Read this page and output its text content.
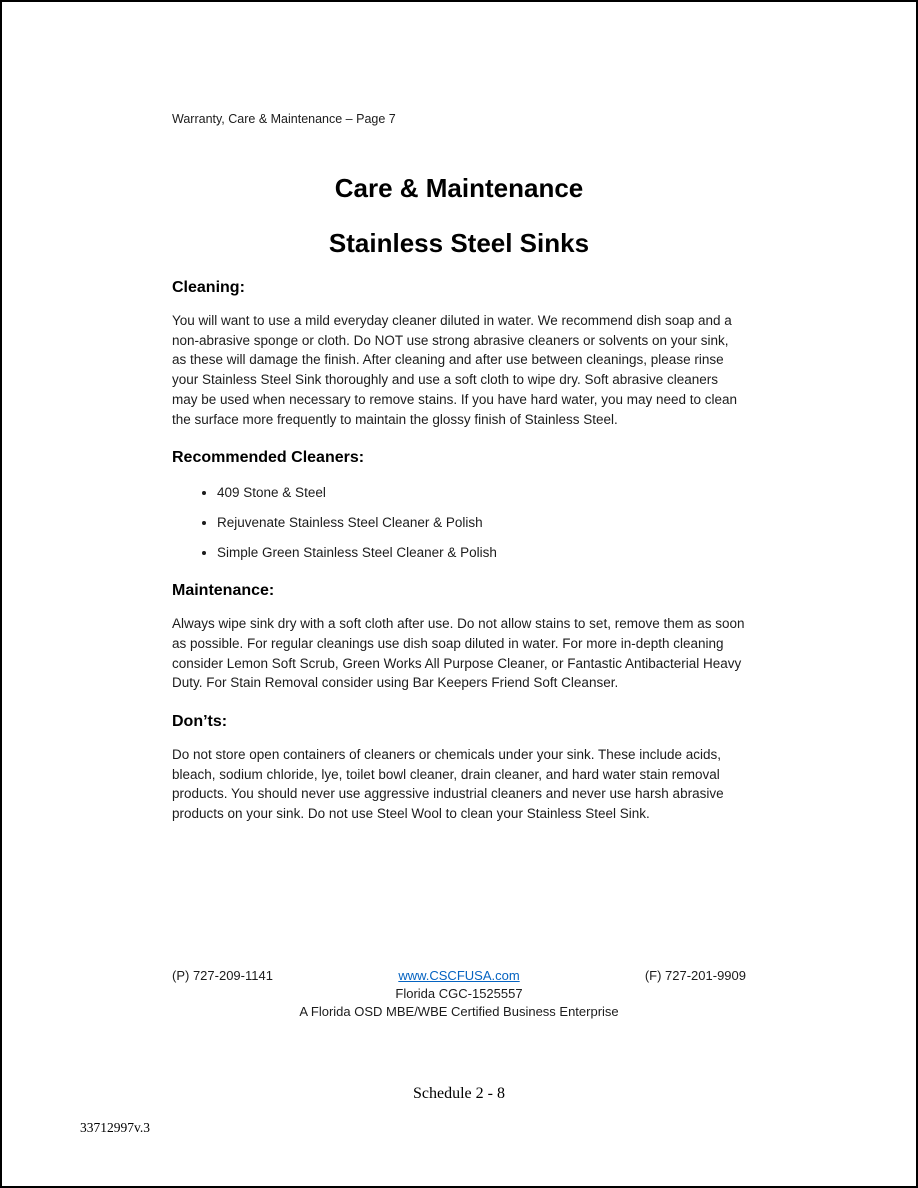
Warranty, Care & Maintenance – Page 7
Care & Maintenance
Stainless Steel Sinks
Cleaning:

You will want to use a mild everyday cleaner diluted in water. We recommend dish soap and a non-abrasive sponge or cloth. Do NOT use strong abrasive cleaners or solvents on your sink, as these will damage the finish. After cleaning and after use between cleanings, please rinse your Stainless Steel Sink thoroughly and use a soft cloth to wipe dry. Soft abrasive cleaners may be used when necessary to remove stains. If you have hard water, you may need to clean the surface more frequently to maintain the glossy finish of Stainless Steel.

Recommended Cleaners:
• 409 Stone & Steel
• Rejuvenate Stainless Steel Cleaner & Polish
• Simple Green Stainless Steel Cleaner & Polish
Maintenance:

Always wipe sink dry with a soft cloth after use. Do not allow stains to set, remove them as soon as possible. For regular cleanings use dish soap diluted in water. For more in-depth cleaning consider Lemon Soft Scrub, Green Works All Purpose Cleaner, or Fantastic Antibacterial Heavy Duty. For Stain Removal consider using Bar Keepers Friend Soft Cleanser.

Don’ts:

Do not store open containers of cleaners or chemicals under your sink. These include acids, bleach, sodium chloride, lye, toilet bowl cleaner, drain cleaner, and hard water stain removal products. You should never use aggressive industrial cleaners and never use harsh abrasive products on your sink. Do not use Steel Wool to clean your Stainless Steel Sink.

(P) 727-209-1141	www.CSCFUSA.com	(F) 727-201-9909
Florida CGC-1525557
A Florida OSD MBE/WBE Certified Business Enterprise
Schedule 2 - 8
33712997v.3
